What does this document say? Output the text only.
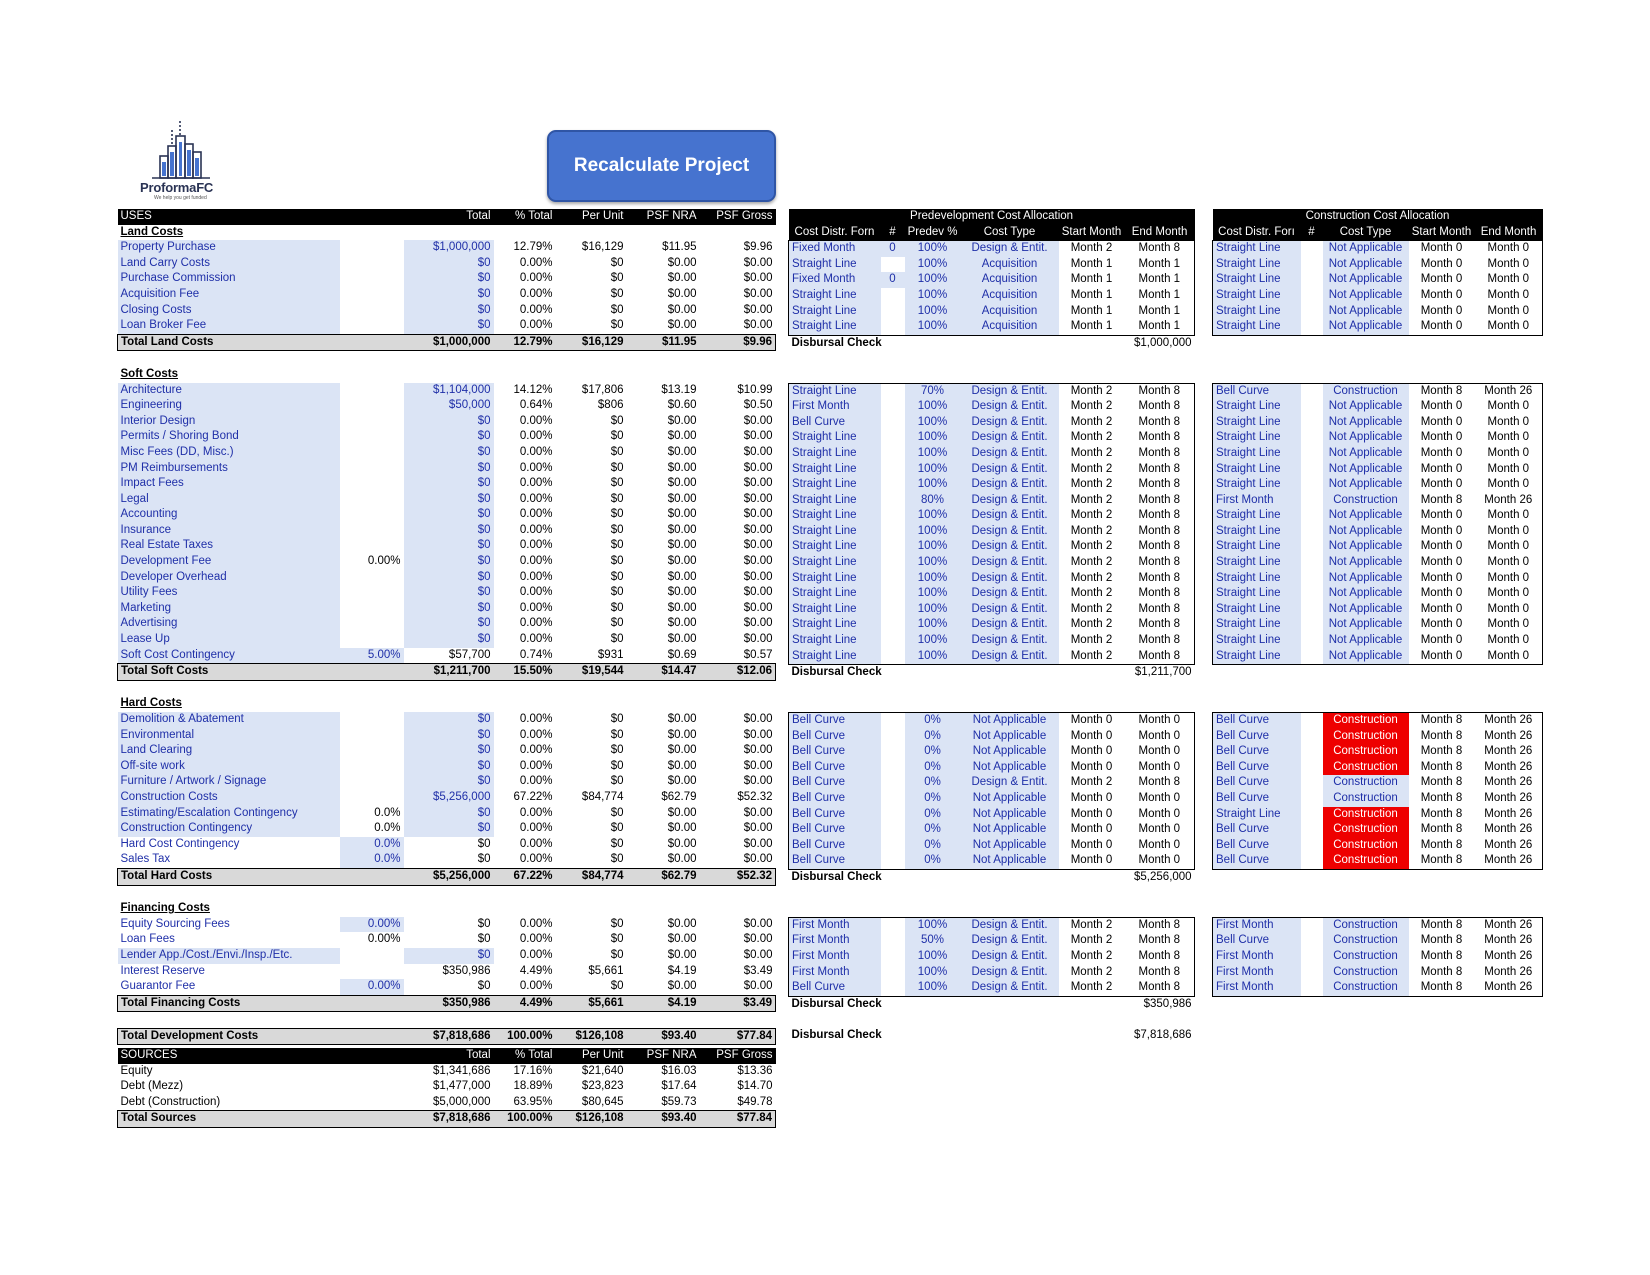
ProformaFC
We help you get funded
Recalculate Project
USES		Total	% Total	Per Unit	PSF NRA	PSF Gross
Land Costs						
Property Purchase		$1,000,000	12.79%	$16,129	$11.95	$9.96
Land Carry Costs		$0	0.00%	$0	$0.00	$0.00
Purchase Commission		$0	0.00%	$0	$0.00	$0.00
Acquisition Fee		$0	0.00%	$0	$0.00	$0.00
Closing Costs		$0	0.00%	$0	$0.00	$0.00
Loan Broker Fee		$0	0.00%	$0	$0.00	$0.00
Total Land Costs		$1,000,000	12.79%	$16,129	$11.95	$9.96

Soft Costs						
Architecture		$1,104,000	14.12%	$17,806	$13.19	$10.99
Engineering		$50,000	0.64%	$806	$0.60	$0.50
Interior Design		$0	0.00%	$0	$0.00	$0.00
Permits / Shoring Bond		$0	0.00%	$0	$0.00	$0.00
Misc Fees (DD, Misc.)		$0	0.00%	$0	$0.00	$0.00
PM Reimbursements		$0	0.00%	$0	$0.00	$0.00
Impact Fees		$0	0.00%	$0	$0.00	$0.00
Legal		$0	0.00%	$0	$0.00	$0.00
Accounting		$0	0.00%	$0	$0.00	$0.00
Insurance		$0	0.00%	$0	$0.00	$0.00
Real Estate Taxes		$0	0.00%	$0	$0.00	$0.00
Development Fee	0.00%	$0	0.00%	$0	$0.00	$0.00
Developer Overhead		$0	0.00%	$0	$0.00	$0.00
Utility Fees		$0	0.00%	$0	$0.00	$0.00
Marketing		$0	0.00%	$0	$0.00	$0.00
Advertising		$0	0.00%	$0	$0.00	$0.00
Lease Up		$0	0.00%	$0	$0.00	$0.00
Soft Cost Contingency	5.00%	$57,700	0.74%	$931	$0.69	$0.57
Total Soft Costs		$1,211,700	15.50%	$19,544	$14.47	$12.06

Hard Costs						
Demolition & Abatement		$0	0.00%	$0	$0.00	$0.00
Environmental		$0	0.00%	$0	$0.00	$0.00
Land Clearing		$0	0.00%	$0	$0.00	$0.00
Off-site work		$0	0.00%	$0	$0.00	$0.00
Furniture / Artwork / Signage		$0	0.00%	$0	$0.00	$0.00
Construction Costs		$5,256,000	67.22%	$84,774	$62.79	$52.32
Estimating/Escalation Contingency	0.0%	$0	0.00%	$0	$0.00	$0.00
Construction Contingency	0.0%	$0	0.00%	$0	$0.00	$0.00
Hard Cost Contingency	0.0%	$0	0.00%	$0	$0.00	$0.00
Sales Tax	0.0%	$0	0.00%	$0	$0.00	$0.00
Total Hard Costs		$5,256,000	67.22%	$84,774	$62.79	$52.32

Financing Costs						
Equity Sourcing Fees	0.00%	$0	0.00%	$0	$0.00	$0.00
Loan Fees	0.00%	$0	0.00%	$0	$0.00	$0.00
Lender App./Cost./Envi./Insp./Etc.		$0	0.00%	$0	$0.00	$0.00
Interest Reserve		$350,986	4.49%	$5,661	$4.19	$3.49
Guarantor Fee	0.00%	$0	0.00%	$0	$0.00	$0.00
Total Financing Costs		$350,986	4.49%	$5,661	$4.19	$3.49

Total Development Costs		$7,818,686	100.00%	$126,108	$93.40	$77.84
Predevelopment Cost Allocation					
Cost Distr. Forn	#	Predev %	Cost Type	Start Month	End Month
Fixed Month	0	100%	Design & Entit.	Month 2	Month 8
Straight Line		100%	Acquisition	Month 1	Month 1
Fixed Month	0	100%	Acquisition	Month 1	Month 1
Straight Line		100%	Acquisition	Month 1	Month 1
Straight Line		100%	Acquisition	Month 1	Month 1
Straight Line		100%	Acquisition	Month 1	Month 1
Disbursal Check				$1,000,000	

Straight Line		70%	Design & Entit.	Month 2	Month 8
First Month		100%	Design & Entit.	Month 2	Month 8
Bell Curve		100%	Design & Entit.	Month 2	Month 8
Straight Line		100%	Design & Entit.	Month 2	Month 8
Straight Line		100%	Design & Entit.	Month 2	Month 8
Straight Line		100%	Design & Entit.	Month 2	Month 8
Straight Line		100%	Design & Entit.	Month 2	Month 8
Straight Line		80%	Design & Entit.	Month 2	Month 8
Straight Line		100%	Design & Entit.	Month 2	Month 8
Straight Line		100%	Design & Entit.	Month 2	Month 8
Straight Line		100%	Design & Entit.	Month 2	Month 8
Straight Line		100%	Design & Entit.	Month 2	Month 8
Straight Line		100%	Design & Entit.	Month 2	Month 8
Straight Line		100%	Design & Entit.	Month 2	Month 8
Straight Line		100%	Design & Entit.	Month 2	Month 8
Straight Line		100%	Design & Entit.	Month 2	Month 8
Straight Line		100%	Design & Entit.	Month 2	Month 8
Straight Line		100%	Design & Entit.	Month 2	Month 8
Disbursal Check				$1,211,700	

Bell Curve		0%	Not Applicable	Month 0	Month 0
Bell Curve		0%	Not Applicable	Month 0	Month 0
Bell Curve		0%	Not Applicable	Month 0	Month 0
Bell Curve		0%	Not Applicable	Month 0	Month 0
Bell Curve		0%	Design & Entit.	Month 2	Month 8
Bell Curve		0%	Not Applicable	Month 0	Month 0
Bell Curve		0%	Not Applicable	Month 0	Month 0
Bell Curve		0%	Not Applicable	Month 0	Month 0
Bell Curve		0%	Not Applicable	Month 0	Month 0
Bell Curve		0%	Not Applicable	Month 0	Month 0
Disbursal Check				$5,256,000	

First Month		100%	Design & Entit.	Month 2	Month 8
First Month		50%	Design & Entit.	Month 2	Month 8
First Month		100%	Design & Entit.	Month 2	Month 8
First Month		100%	Design & Entit.	Month 2	Month 8
Bell Curve		100%	Design & Entit.	Month 2	Month 8
Disbursal Check				$350,986	

Disbursal Check				$7,818,686	
Construction Cost Allocation				
Cost Distr. Forı	#	Cost Type	Start Month	End Month
Straight Line		Not Applicable	Month 0	Month 0
Straight Line		Not Applicable	Month 0	Month 0
Straight Line		Not Applicable	Month 0	Month 0
Straight Line		Not Applicable	Month 0	Month 0
Straight Line		Not Applicable	Month 0	Month 0
Straight Line		Not Applicable	Month 0	Month 0

Bell Curve		Construction	Month 8	Month 26
Straight Line		Not Applicable	Month 0	Month 0
Straight Line		Not Applicable	Month 0	Month 0
Straight Line		Not Applicable	Month 0	Month 0
Straight Line		Not Applicable	Month 0	Month 0
Straight Line		Not Applicable	Month 0	Month 0
Straight Line		Not Applicable	Month 0	Month 0
First Month		Construction	Month 8	Month 26
Straight Line		Not Applicable	Month 0	Month 0
Straight Line		Not Applicable	Month 0	Month 0
Straight Line		Not Applicable	Month 0	Month 0
Straight Line		Not Applicable	Month 0	Month 0
Straight Line		Not Applicable	Month 0	Month 0
Straight Line		Not Applicable	Month 0	Month 0
Straight Line		Not Applicable	Month 0	Month 0
Straight Line		Not Applicable	Month 0	Month 0
Straight Line		Not Applicable	Month 0	Month 0
Straight Line		Not Applicable	Month 0	Month 0

Bell Curve		Construction	Month 8	Month 26
Bell Curve		Construction	Month 8	Month 26
Bell Curve		Construction	Month 8	Month 26
Bell Curve		Construction	Month 8	Month 26
Bell Curve		Construction	Month 8	Month 26
Bell Curve		Construction	Month 8	Month 26
Straight Line		Construction	Month 8	Month 26
Bell Curve		Construction	Month 8	Month 26
Bell Curve		Construction	Month 8	Month 26
Bell Curve		Construction	Month 8	Month 26

First Month		Construction	Month 8	Month 26
Bell Curve		Construction	Month 8	Month 26
First Month		Construction	Month 8	Month 26
First Month		Construction	Month 8	Month 26
First Month		Construction	Month 8	Month 26

SOURCES		Total	% Total	Per Unit	PSF NRA	PSF Gross
Equity		$1,341,686	17.16%	$21,640	$16.03	$13.36
Debt (Mezz)		$1,477,000	18.89%	$23,823	$17.64	$14.70
Debt (Construction)		$5,000,000	63.95%	$80,645	$59.73	$49.78
Total Sources		$7,818,686	100.00%	$126,108	$93.40	$77.84
